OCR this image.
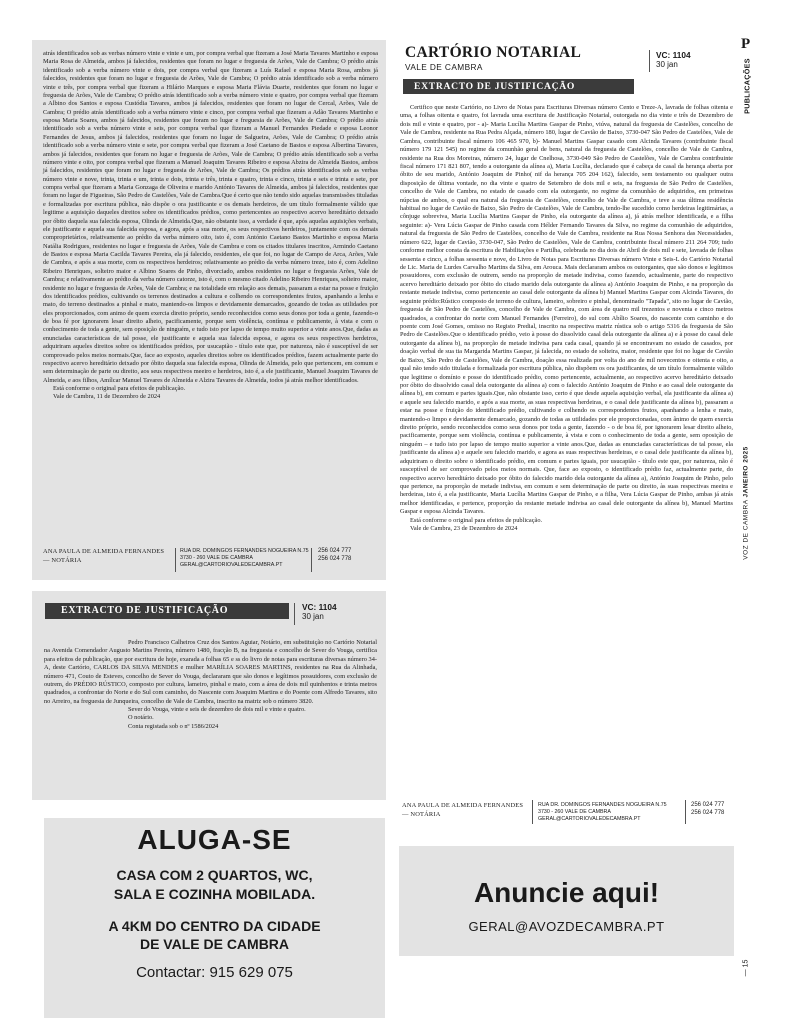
atrás identificados sob as verbas número vinte e vinte e um, por compra verbal que fizeram a José Maria Tavares Martinho e esposa Maria Rosa de Almeida, ambos já falecidos, residentes que foram no lugar e freguesia de Arões, Vale de Cambra; O prédio atrás identificado sob a verba número vinte e dois, por compra verbal que fizeram a Luís Rafael e esposa Maria Rosa, ambos já falecidos, residentes que foram no lugar e freguesia de Arões, Vale de Cambra; O prédio atrás identificado sob a verba número vinte e três, por compra verbal que fizeram a Hilário Marques e esposa Maria Flávia Duarte, residentes que foram no lugar e freguesia de Arões, Vale de Cambra; O prédio atrás identificado sob a verba número vinte e quatro, por compra verbal que fizeram a Albino dos Santos e esposa Custódia Tavares, ambos já falecidos, residentes que foram no lugar de Cercal, Arões, Vale de Cambra; O prédio atrás identificado sob a verba número vinte e cinco, por compra verbal que fizeram a Adão Tavares Martinho e esposa Maria Soares, ambos já falecidos, residentes que foram no lugar e freguesia de Arões, Vale de Cambra; O prédio atrás identificado sob a verba número vinte e seis, por compra verbal que fizeram a Manuel Fernandes Piedade e esposa Leonor Fernandes de Jesus, ambos já falecidos, residentes que foram no lugar de Salgueira, Arões, Vale de Cambra; O prédio atrás identificado sob a verba número vinte e sete, por compra verbal que fizeram a José Caetano de Bastos e esposa Albertina Tavares, ambos já falecidos, residentes que foram no lugar e freguesia de Arões, Vale de Cambra; O prédio atrás identificado sob a verba número vinte e oito, por compra verbal que fizeram a Manuel Joaquim Tavares Ribeiro e esposa Abzira de Almeida Bastos, ambos já falecidos, residentes que foram no lugar e freguesia de Arões, Vale de Cambra; Os prédios atrás identificados sob as verbas número vinte e nove, trinta, trinta e um, trinta e dois, trinta e três, trinta e quatro, trinta e cinco, trinta e seis e trinta e sete, por compra verbal que fizeram a Maria Gonzaga de Oliveira e marido António Tavares de Almeida, ambos já falecidos, residentes que foram no lugar de Figueiras, São Pedro de Castelões, Vale de Cambra.Que é certo que não tendo sido aquelas transmissões tituladas e formalizadas por escritura pública, não dispõe o ora justificante e os demais herdeiros, de um título formalmente válido que legitime a aquisição daqueles direitos sobre os identificados prédios, como pertencentes ao respectivo acervo hereditário deixado por óbito daquela sua falecida esposa, Olinda de Almeida.Que, não obstante isso, a verdade é que, após aquelas aquisições verbais, ele justificante e aquela sua falecida esposa, e agora, após a sua morte, os seus respectivos herdeiros, juntamente com os demais comproprietários, relativamente ao prédio da verba número oito, isto é, com António Caetano Bastos Martinho e esposa Maria Natália Rodrigues, residentes no lugar e freguesia de Arões, Vale de Cambra e com os citados titulares inscritos, Armindo Caetano de Bastos e esposa Maria Cacilda Tavares Pereira, ela já falecido, residentes, ele que foi, no lugar de Campo de Arca, Arões, Vale de Cambra, e após a sua morte, com os respectivos herdeiros; relativamente ao prédio da verba número treze, isto é, com Adelino Ribeiro Henriques, solteiro maior e Albino Soares de Pinho, divorciado, ambos residentes no lugar e freguesia Arões, Vale de Cambra; e relativamente ao prédio da verba número catorze, isto é, com o mesmo citado Adelino Ribeiro Henriques, solteiro maior, residente no lugar e freguesia de Arões, Vale de Cambra; e na totalidade em relação aos demais, passaram a estar na posse e fruição dos identificados prédios, cultivando os terrenos destinados a cultura e colhendo os correspondentes frutos, apanhando a lenha e mato, do terreno destinados a pinhal e mato, mantendo-os limpos e devidamente demarcados, gozando de todas as utilidades por eles proporcionados, com animo de quem exercia direito próprio, sendo reconhecidos como seus donos por toda a gente, fazendo-o de boa fé por ignorarem lesar direito alheio, pacificamente, porque sem violência, contínua e publicamente, à vista e com o conhecimento de toda a gente, sem oposição de ninguém, e tudo isto por lapso de tempo muito superior a vinte anos.Que, dadas as enunciadas características de tal posse, ele justificante e aquela sua falecida esposa, e agora os seus respectivos herdeiros, adquiriram aqueles direitos sobre os identificados prédios, por usucapião - título este que, por natureza, não é susceptível de ser comprovado pelos meios normais.Que, face ao exposto, aqueles direitos sobre os identificados prédios, fazem actualmente parte do respectivo acervo hereditário deixado por óbito daquela sua falecida esposa, Olinda de Almeida, pelo que pertencem, em comum e sem determinação de parte ou direito, aos seus respectivos meeiro e herdeiros, isto é, a ele justificante, Manuel Joaquim Tavares de Almeida, e aos filhos, Amílcar Manuel Tavares de Almeida e Alzira Tavares de Almeida, todos já atrás melhor identificados.

Está conforme o original para efeitos de publicação.

Vale de Cambra, 11 de Dezembro de 2024

ANA PAULA DE ALMEIDA FERNANDES
— NOTÁRIA
RUA DR. DOMINGOS FERNANDES NOGUEIRA N.75
3730 - 260 VALE DE CAMBRA
GERAL@CARTORIOVALEDECAMBRA.PT
256 024 777
256 024 778
EXTRACTO DE JUSTIFICAÇÃO	VC: 1104
30 jan

Pedro Francisco Calheiros Cruz dos Santos Aguiar, Notário, em substituição no Cartório Notarial na Avenida Comendador Augusto Martins Pereira, número 1480, fracção B, na freguesia e concelho de Sever do Vouga, certifica para efeitos de publicação, que por escritura de hoje, exarada a folhas 65 e ss do livro de notas para escrituras diversas número 34-A, deste Cartório, CARLOS DA SILVA MENDES e mulher MARÍLIA SOARES MARTINS, residentes na Rua da Alinhada, número 471, Couto de Esteves, concelho de Sever do Vouga, declararam que são donos e legítimos possuidores, com exclusão de outrem, do PRÉDIO RÚSTICO, composto por cultura, lameiro, pinhal e mato, com a área de dois mil quinhentos e trinta metros quadrados, a confrontar do Norte e do Sul com caminho, do Nascente com Joaquim Martins e do Poente com Alfredo Tavares, sito no Arreiro, na freguesia de Junqueira, concelho de Vale de Cambra, inscrito na matriz sob o número 3820.

Sever do Vouga, vinte e seis de dezembro de dois mil e vinte e quatro.

O notário.

Conta registada sob o nº 1586/2024

CARTÓRIO NOTARIAL
VALE DE CAMBRA
VC: 1104
30 jan
EXTRACTO DE JUSTIFICAÇÃO

Certifico que neste Cartório, no Livro de Notas para Escrituras Diversas número Cento e Treze-A, lavrada de folhas oitenta e uma, a folhas oitenta e quatro, foi lavrada uma escritura de Justificação Notarial, outorgada no dia vinte e três de Dezembro de dois mil e vinte e quatro, por - a)- Maria Lucília Martins Gaspar de Pinho, viúva, natural da freguesia de Castelões, concelho de Vale de Cambra, residente na Rua Pedra Alçada, número 180, lugar de Cavião de Baixo, 3730-047 São Pedro de Castelões, Vale de Cambra, contribuinte fiscal número 106 465 970, b)- Manuel Martins Gaspar casado com Alcinda Tavares (contribuinte fiscal número 179 121 545) no regime da comunhão geral de bens, natural da freguesia de Castelões, concelho de Vale de Cambra, residente na Rua dos Moreiras, número 24, lugar de Cnelhosa, 3730-049 São Pedro de Castelões, Vale de Cambra contribuinte fiscal número 171 821 807, tendo a outorgante da alínea a), Maria Lucília, declarado que é cabeça de casal da herança aberta por óbito de seu marido, António Joaquim de Pinho( nif da herança 705 204 162), falecido, sem testamento ou qualquer outra disposição de última vontade, no dia vinte e quatro de Setembro de dois mil e seis, na freguesia de São Pedro de Castelões, concelho de Vale de Cambra, no estado de casado com ela outorgante, no regime da comunhão de adquiridos, em primeiras núpcias de ambos, o qual era natural da freguesia de Castelões, concelho de Vale de Cambra, e teve a sua última residência habitual no lugar de Cavião de Baixo, São Pedro de Castelões, Vale de Cambra, tendo-lhe sucedido como herdeiras legitimárias, a cônjuge sobreviva, Maria Lucília Martins Gaspar de Pinho, ela outorgante da alínea a), já atrás melhor identificada, e a filha seguinte: a)- Vera Lúcia Gaspar de Pinho casada com Hélder Fernando Tavares da Silva, no regime da comunhão de adquiridos, natural da freguesia de São Pedro de Castelões, concelho de Vale de Cambra, residente na Rua Nossa Senhora das Necessidades, número 622, lugar de Cavião, 3730-047, São Pedro de Castelões, Vale de Cambra, contribuinte fiscal número 211 264 709; tudo conforme melhor consta da escritura de Habilitações e Partilha, celebrada no dia dois de Abril de dois mil e sete, lavrada de folhas sessenta e cinco, a folhas sessenta e nove, do Livro de Notas para Escrituras Diversas número Vinte e Seis-L do Cartório Notarial de Lic. Maria de Lurdes Carvalho Martins da Silva, em Arouca. Mais declararam ambos os outorgantes, que são donos e legítimos possuidores, com exclusão de outrem, sendo na proporção de metade indivisa, como fazendo, actualmente, parte do respectivo acervo hereditário deixado por óbito do citado marido dela outorgante da alínea a) António Joaquim de Pinho, e na proporção da restante metade indivisa, como pertencente ao casal dele outorgante da alínea b) Manuel Martins Gaspar com Alcinda Tavares, do seguinte prédio:Rústico composto de terreno de cultura, lameiro, sobreiro e pinhal, denominado "Tapada", sito no lugar de Cavião, freguesia de São Pedro de Castelões, concelho de Vale de Cambra, com área de quatro mil trezentos e noventa e cinco metros quadrados, a confrontar do norte com Manuel Fernandes (Ferreiro), do sul com Abílio Soares, do nascente com caminho e do poente com José Gomes, omisso no Registo Predial, inscrito na respectiva matriz rústica sob o artigo 5316 da freguesia de São Pedro de Castelões.Que o identificado prédio, veio à posse do dissolvido casal dela outorgante da alínea a) e à posse do casal dele outorgante da alínea b), na proporção de metade indivisa para cada casal, quando já se encontravam no estado de casados, por doação verbal de sua tia Margarida Martins Gaspar, já falecida, no estado de solteira, maior, residente que foi no lugar de Cavião de Baixo, São Pedro de Castelões, Vale de Cambra, doação essa realizada por volta do ano de mil novecentos e oitenta e oito, a qual não tendo sido titulada e formalizada por escritura pública, não dispõem os ora justificantes, de um título formalmente válido que legitime o domínio e posse do identificado prédio, como pertencente, actualmente, ao respectivo acervo hereditário deixado por óbito do dissolvido casal dela outorgante da alínea a) com o falecido António Joaquim de Pinho e ao casal dele outorgante da alínea b), em comum e partes iguais.Que, não obstante isso, certo é que desde aquela aquisição verbal, ela justificante da alínea a) e aquele seu falecido marido, e após a sua morte, as suas respectivas herdeiras, e o casal dele justificante da alínea b), passaram a estar na posse e fruição do identificado prédio, cultivando e colhendo os correspondentes frutos, apanhando a lenha e mato, mantendo-o limpo e devidamente demarcado, gozando de todas as utilidades por ele proporcionadas, com ânimo de quem exercia direito próprio, sendo reconhecidos como seus donos por toda a gente, fazendo - o de boa fé, por ignorarem lesar direito alheio, pacificamente, porque sem violência, contínua e publicamente, à vista e com o conhecimento de toda a gente, sem oposição de ninguém – e tudo isto por lapso de tempo muito superior a vinte anos.Que, dadas as enunciadas características de tal posse, ela justificante da alínea a) e aquele seu falecido marido, e agora as suas respectivas herdeiras, e o casal dele justificante da alínea b), adquiriram o direito sobre o identificado prédio, em comum e partes iguais, por usucapião - título este que, por natureza, não é susceptível de ser comprovado pelos meios normais. Que, face ao exposto, o identificado prédio faz, actualmente parte, do respectivo acervo hereditário deixado por óbito do falecido marido dela outorgante da alínea a), António Joaquim de Pinho, pelo que pertence, na proporção de metade indivisa, em comum e sem determinação de parte ou direito, às suas respectivas meeira e herdeiras, isto é, a ela justificante, Maria Lucília Martins Gaspar de Pinho, e a filha, Vera Lúcia Gaspar de Pinho, ambas já atrás melhor identificadas, e pertence, proporção da restante metade indivisa ao casal dele outorgante da alínea b), Manuel Martins Gaspar e esposa Alcinda Tavares.

Está conforme o original para efeitos de publicação.

Vale de Cambra, 23 de Dezembro de 2024

ANA PAULA DE ALMEIDA FERNANDES
— NOTÁRIA
RUA DR. DOMINGOS FERNANDES NOGUEIRA N.75
3730 - 260 VALE DE CAMBRA
GERAL@CARTORIOVALEDECAMBRA.PT
256 024 777
256 024 778
P
PUBLICAÇÕES
VOZ DE CAMBRA JANEIRO 2025
— 15
ALUGA-SE
CASA COM 2 QUARTOS, WC,
SALA E COZINHA MOBILADA.
A 4KM DO CENTRO DA CIDADE
DE VALE DE CAMBRA
Contactar: 915 629 075
Anuncie aqui!
GERAL@AVOZDECAMBRA.PT
